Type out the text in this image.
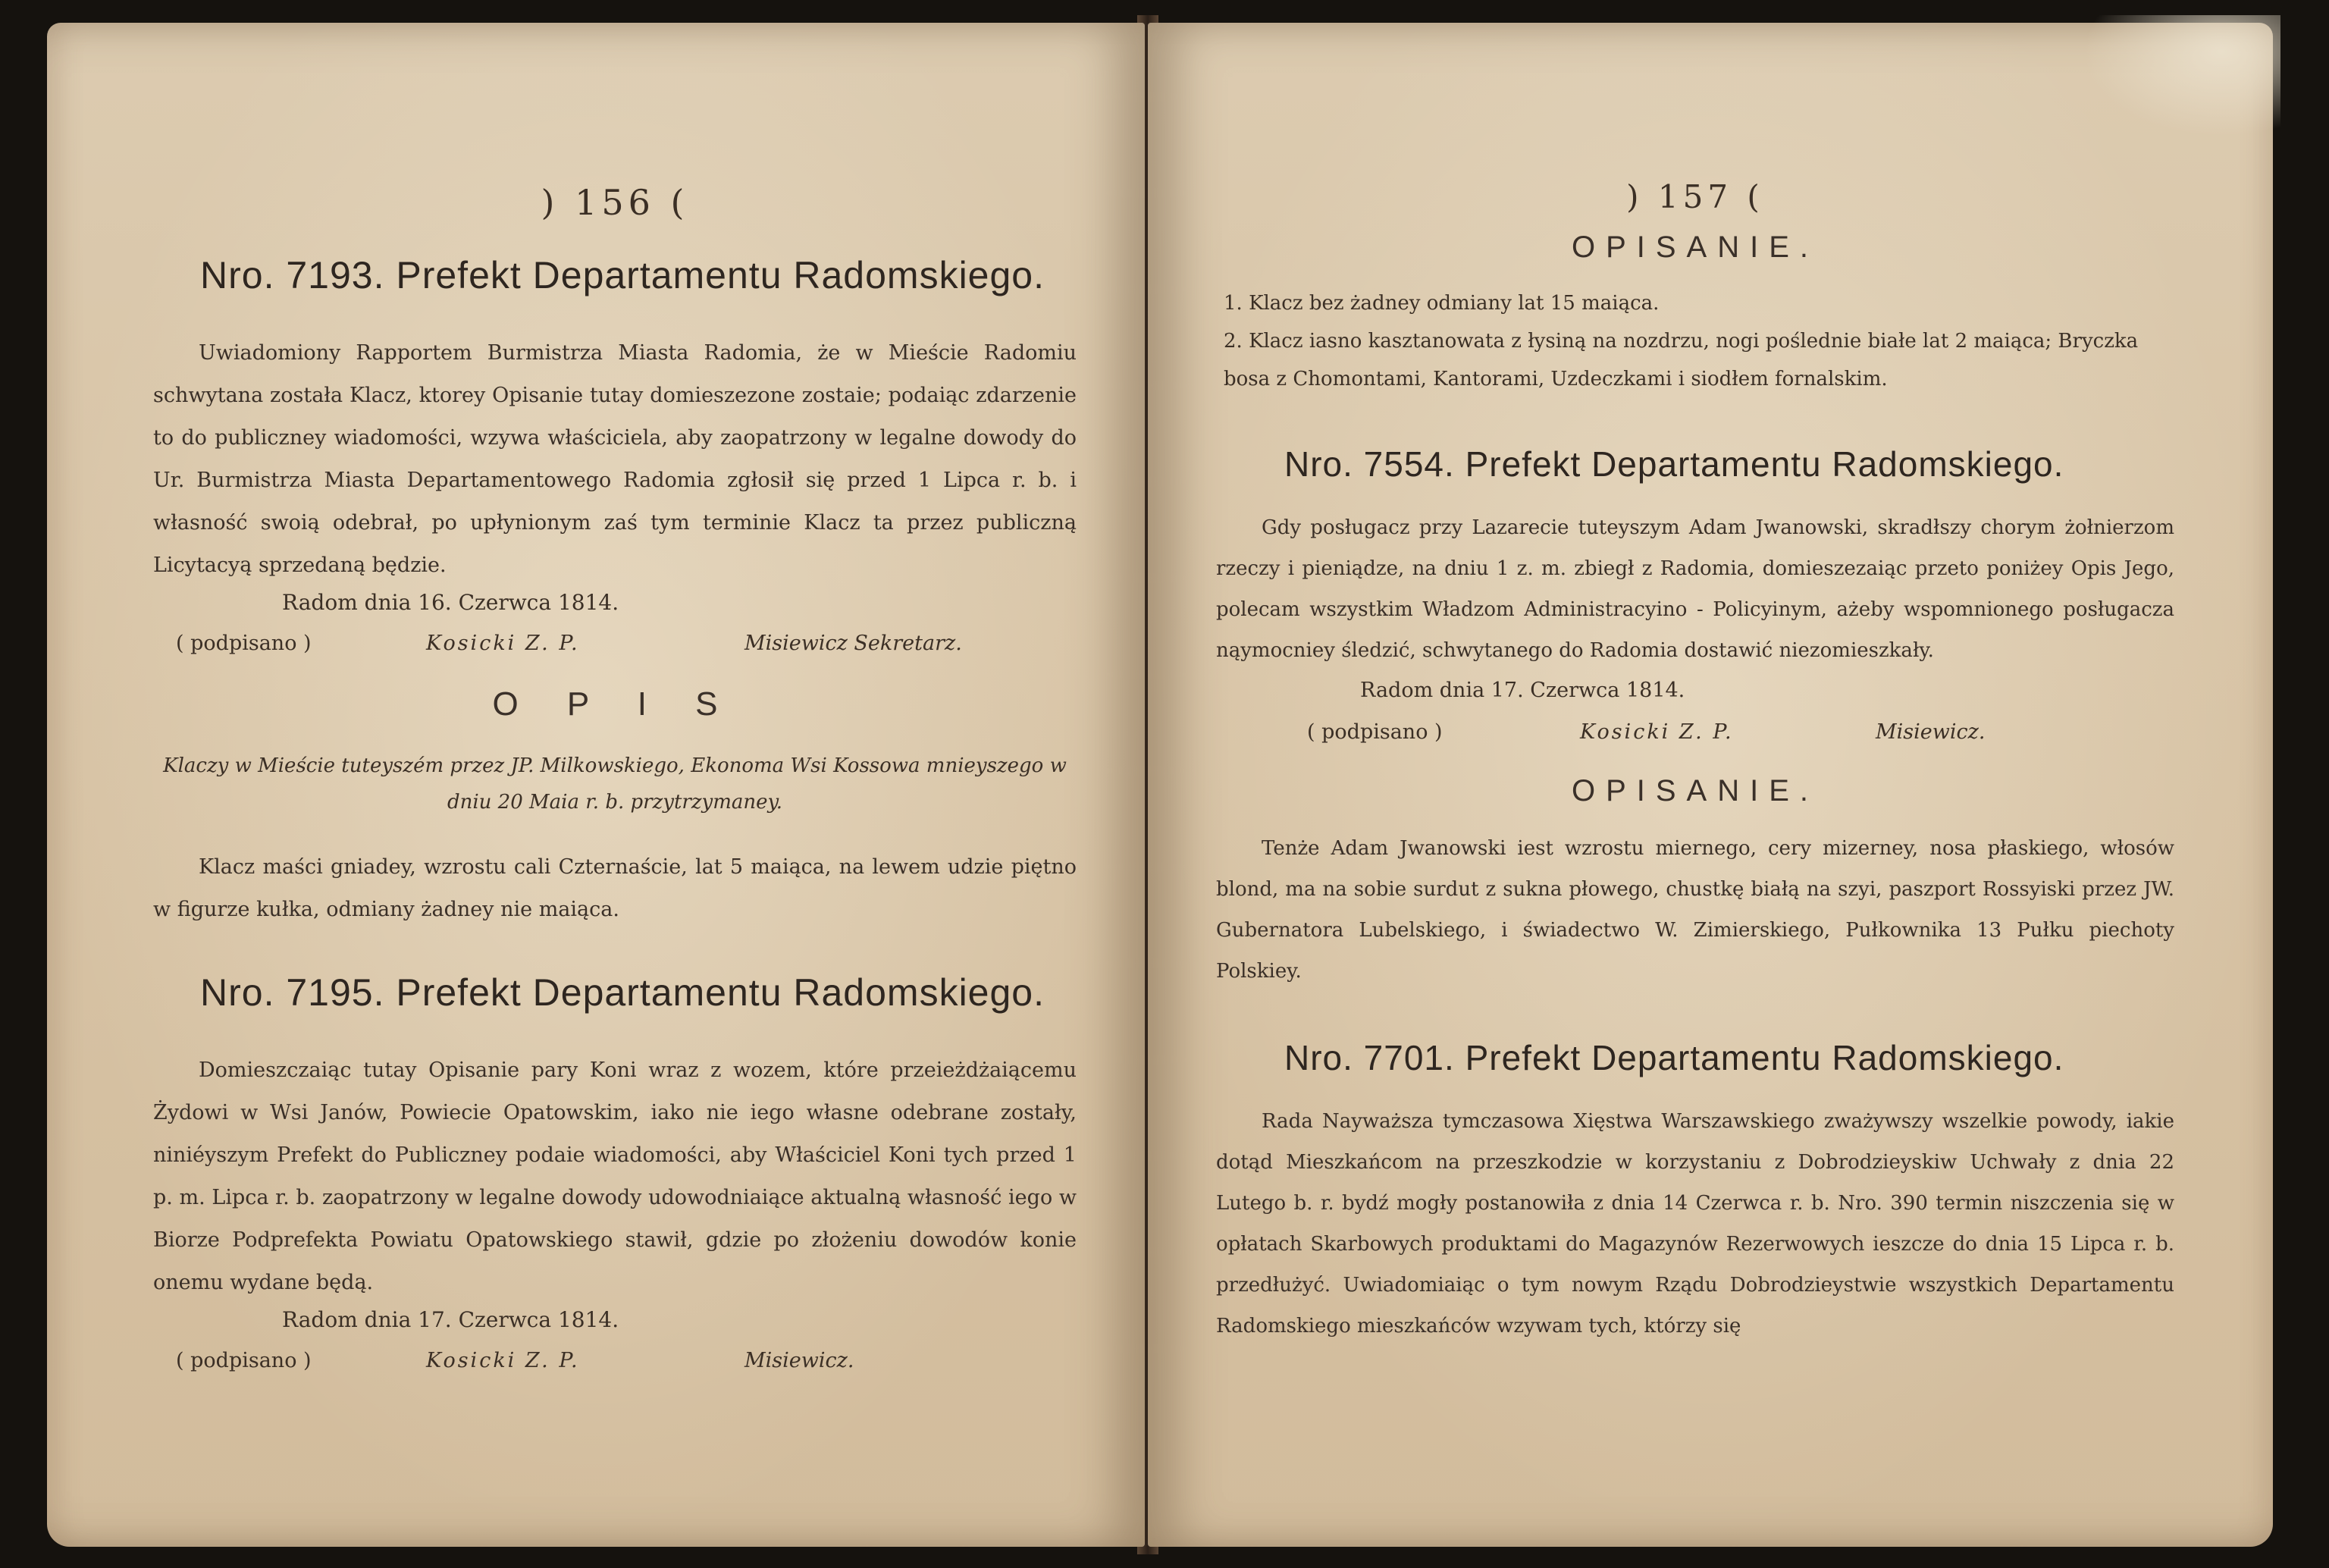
) 156 (
Nro. 7193. Prefekt Departamentu Radomskiego.

Uwiadomiony Rapportem Burmistrza Miasta Radomia, że w Mieście Radomiu schwytana została Klacz, ktorey Opisanie tutay domieszezone zostaie; podaiąc zdarzenie to do publiczney wiadomości, wzywa właściciela, aby zaopatrzony w legalne dowody do Ur. Burmistrza Miasta Departamentowego Radomia zgłosił się przed 1 Lipca r. b. i własność swoią odebrał, po upłynionym zaś tym terminie Klacz ta przez publiczną Licytacyą sprzedaną będzie.

Radom dnia 16. Czerwca 1814.
( podpisano )	Kosicki Z. P.	Misiewicz Sekretarz.
O P I S
Klaczy w Mieście tuteyszém przez JP. Milkowskiego, Ekonoma Wsi Kossowa mnieyszego w dniu 20 Maia r. b. przytrzymaney.

Klacz maści gniadey, wzrostu cali Czternaście, lat 5 maiąca, na lewem udzie piętno w figurze kułka, odmiany żadney nie maiąca.

Nro. 7195. Prefekt Departamentu Radomskiego.

Domieszczaiąc tutay Opisanie pary Koni wraz z wozem, które przeieżdżaiącemu Żydowi w Wsi Janów, Powiecie Opatowskim, iako nie iego własne odebrane zostały, niniéyszym Prefekt do Publiczney podaie wiadomości, aby Właściciel Koni tych przed 1 p. m. Lipca r. b. zaopatrzony w legalne dowody udowodniaiące aktualną własność iego w Biorze Podprefekta Powiatu Opatowskiego stawił, gdzie po złożeniu dowodów konie onemu wydane będą.

Radom dnia 17. Czerwca 1814.
( podpisano )	Kosicki Z. P.	Misiewicz.
) 157 (
OPISANIE.
1. Klacz bez żadney odmiany lat 15 maiąca.
2. Klacz iasno kasztanowata z łysiną na nozdrzu, nogi poślednie białe lat 2 maiąca; Bryczka bosa z Chomontami, Kantorami, Uzdeczkami i siodłem fornalskim.
Nro. 7554. Prefekt Departamentu Radomskiego.

Gdy posługacz przy Lazarecie tuteyszym Adam Jwanowski, skradłszy chorym żołnierzom rzeczy i pieniądze, na dniu 1 z. m. zbiegł z Radomia, domieszezaiąc przeto poniżey Opis Jego, polecam wszystkim Władzom Administracyino - Policyinym, ażeby wspomnionego posługacza nąymocniey śledzić, schwytanego do Radomia dostawić niezomieszkały.

Radom dnia 17. Czerwca 1814.
( podpisano )	Kosicki Z. P.	Misiewicz.
OPISANIE.

Tenże Adam Jwanowski iest wzrostu miernego, cery mizerney, nosa płaskiego, włosów blond, ma na sobie surdut z sukna płowego, chustkę białą na szyi, paszport Rossyiski przez JW. Gubernatora Lubelskiego, i świadectwo W. Zimierskiego, Pułkownika 13 Pułku piechoty Polskiey.

Nro. 7701. Prefekt Departamentu Radomskiego.

Rada Nayważsza tymczasowa Xięstwa Warszawskiego zważywszy wszelkie powody, iakie dotąd Mieszkańcom na przeszkodzie w korzystaniu z Dobrodzieyskiw Uchwały z dnia 22 Lutego b. r. bydź mogły postanowiła z dnia 14 Czerwca r. b. Nro. 390 termin niszczenia się w opłatach Skarbowych produktami do Magazynów Rezerwowych ieszcze do dnia 15 Lipca r. b. przedłużyć. Uwiadomiaiąc o tym nowym Rządu Dobrodzieystwie wszystkich Departamentu Radomskiego mieszkańców wzywam tych, którzy się
